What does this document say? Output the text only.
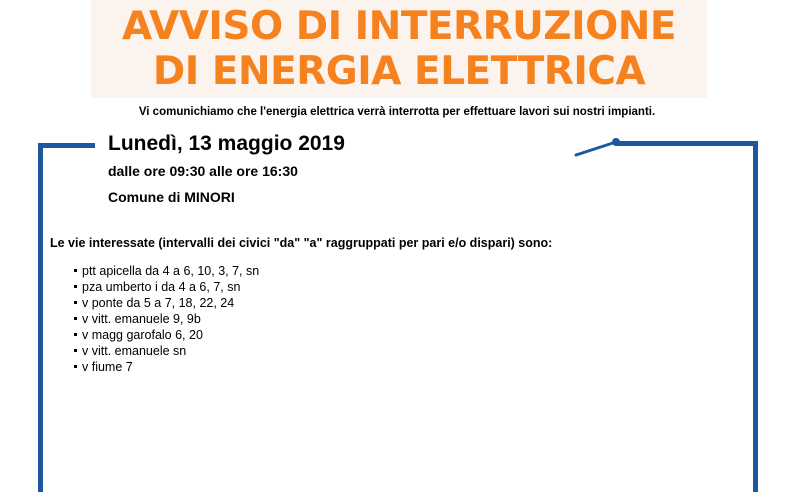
AVVISO DI INTERRUZIONE
DI ENERGIA ELETTRICA
Vi comunichiamo che l'energia elettrica verrà interrotta per effettuare lavori sui nostri impianti.
Lunedì, 13 maggio 2019
dalle ore 09:30 alle ore 16:30
Comune di MINORI
Le vie interessate (intervalli dei civici "da" "a" raggruppati per pari e/o dispari) sono:
ptt apicella da 4 a 6, 10, 3, 7, sn
pza umberto i da 4 a 6, 7, sn
v ponte da 5 a 7, 18, 22, 24
v vitt. emanuele 9, 9b
v magg garofalo 6, 20
v vitt. emanuele sn
v fiume 7
